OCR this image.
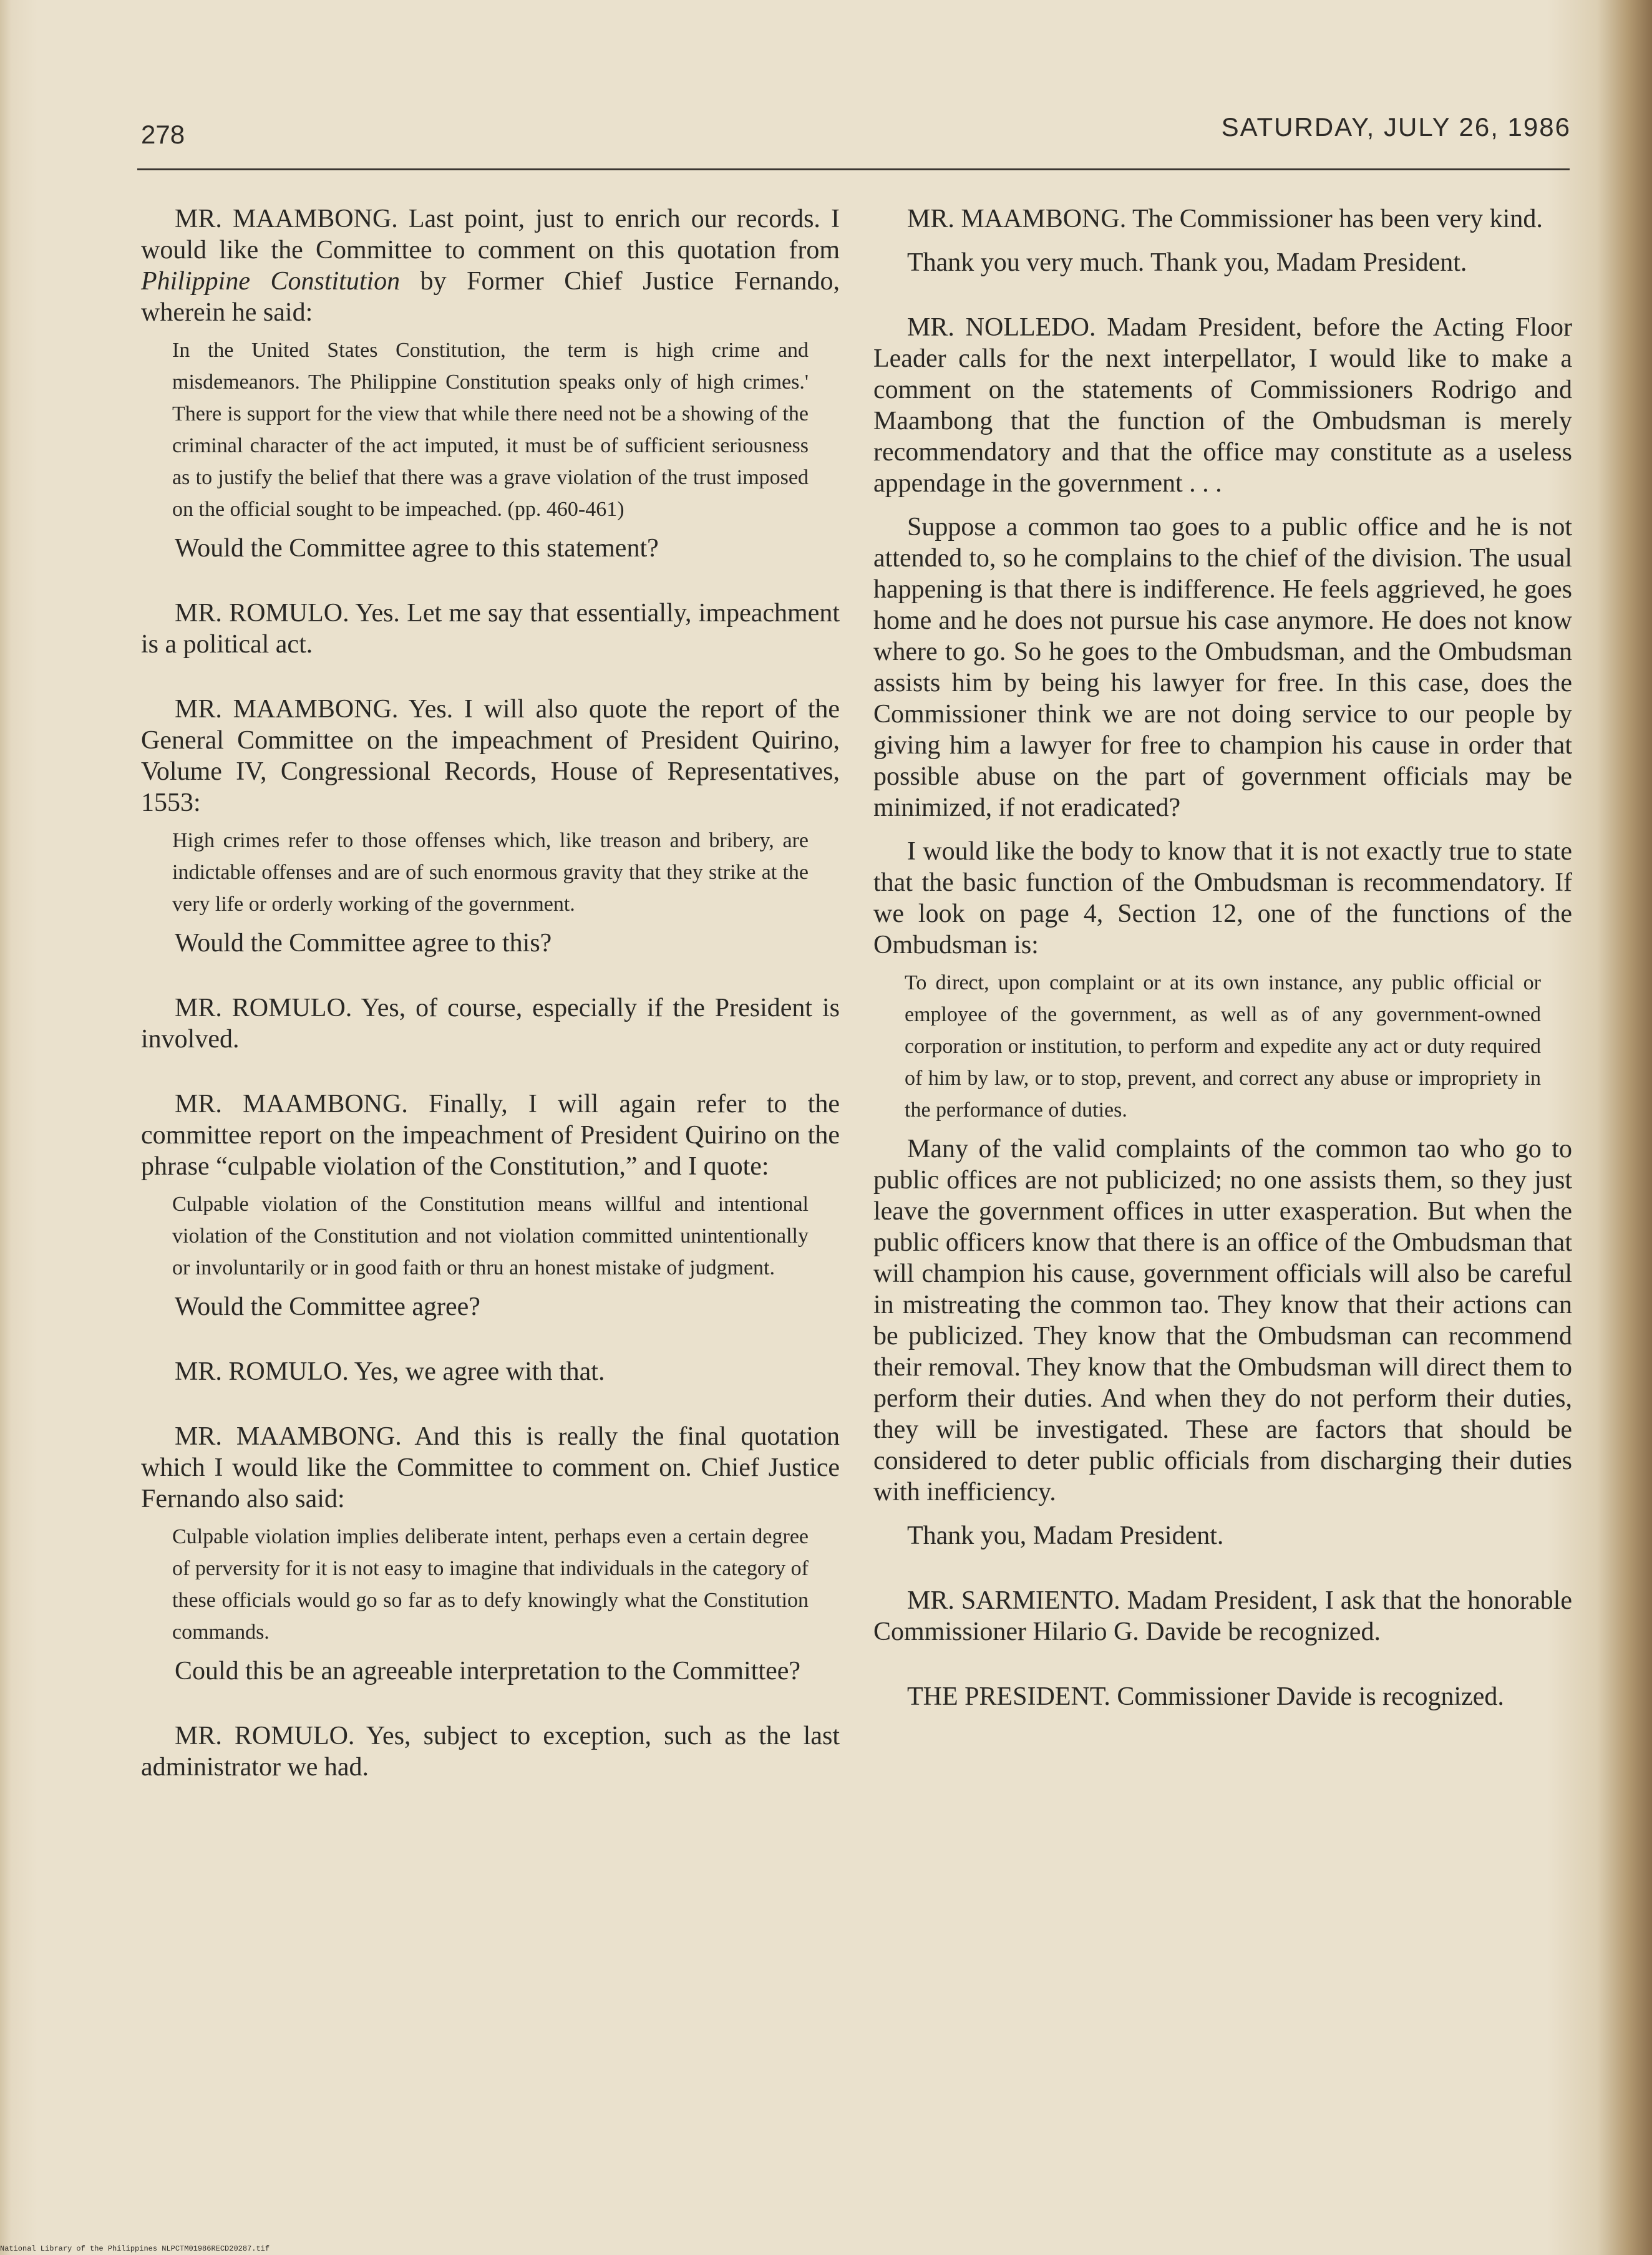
278	SATURDAY, JULY 26, 1986

MR. MAAMBONG. Last point, just to enrich our records. I would like the Committee to comment on this quotation from Philippine Constitution by Former Chief Justice Fernando, wherein he said:

In the United States Constitution, the term is high crime and misdemeanors. The Philippine Constitution speaks only of high crimes.' There is support for the view that while there need not be a showing of the criminal character of the act imputed, it must be of sufficient seriousness as to justify the belief that there was a grave violation of the trust imposed on the official sought to be impeached. (pp. 460-461)

Would the Committee agree to this statement?

MR. ROMULO. Yes. Let me say that essentially, impeachment is a political act.

MR. MAAMBONG. Yes. I will also quote the report of the General Committee on the impeachment of President Quirino, Volume IV, Congressional Records, House of Representatives, 1553:

High crimes refer to those offenses which, like treason and bribery, are indictable offenses and are of such enormous gravity that they strike at the very life or orderly working of the government.

Would the Committee agree to this?

MR. ROMULO. Yes, of course, especially if the President is involved.

MR. MAAMBONG. Finally, I will again refer to the committee report on the impeachment of President Quirino on the phrase “culpable violation of the Constitution,” and I quote:

Culpable violation of the Constitution means willful and intentional violation of the Constitution and not violation committed unintentionally or involuntarily or in good faith or thru an honest mistake of judgment.

Would the Committee agree?

MR. ROMULO. Yes, we agree with that.

MR. MAAMBONG. And this is really the final quotation which I would like the Committee to comment on. Chief Justice Fernando also said:

Culpable violation implies deliberate intent, perhaps even a certain degree of perversity for it is not easy to imagine that individuals in the category of these officials would go so far as to defy knowingly what the Constitution commands.

Could this be an agreeable interpretation to the Committee?

MR. ROMULO. Yes, subject to exception, such as the last administrator we had.

MR. MAAMBONG. The Commissioner has been very kind.

Thank you very much. Thank you, Madam President.

MR. NOLLEDO. Madam President, before the Acting Floor Leader calls for the next interpellator, I would like to make a comment on the statements of Commissioners Rodrigo and Maambong that the function of the Ombudsman is merely recommendatory and that the office may constitute as a useless appendage in the government . . .

Suppose a common tao goes to a public office and he is not attended to, so he complains to the chief of the division. The usual happening is that there is indifference. He feels aggrieved, he goes home and he does not pursue his case anymore. He does not know where to go. So he goes to the Ombudsman, and the Ombudsman assists him by being his lawyer for free. In this case, does the Commissioner think we are not doing service to our people by giving him a lawyer for free to champion his cause in order that possible abuse on the part of government officials may be minimized, if not eradicated?

I would like the body to know that it is not exactly true to state that the basic function of the Ombudsman is recommendatory. If we look on page 4, Section 12, one of the functions of the Ombudsman is:

To direct, upon complaint or at its own instance, any public official or employee of the government, as well as of any government-owned corporation or institution, to perform and expedite any act or duty required of him by law, or to stop, prevent, and correct any abuse or impropriety in the performance of duties.

Many of the valid complaints of the common tao who go to public offices are not publicized; no one assists them, so they just leave the government offices in utter exasperation. But when the public officers know that there is an office of the Ombudsman that will champion his cause, government officials will also be careful in mistreating the common tao. They know that their actions can be publicized. They know that the Ombudsman can recommend their removal. They know that the Ombudsman will direct them to perform their duties. And when they do not perform their duties, they will be investigated. These are factors that should be considered to deter public officials from discharging their duties with inefficiency.

Thank you, Madam President.

MR. SARMIENTO. Madam President, I ask that the honorable Commissioner Hilario G. Davide be recognized.

THE PRESIDENT. Commissioner Davide is recognized.

National Library of the Philippines NLPCTM01986RECD20287.tif
